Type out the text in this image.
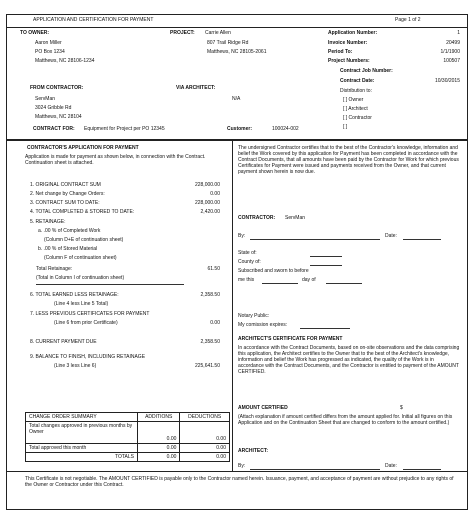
APPLICATION AND CERTIFICATION FOR PAYMENT	Page 1 of 2
TO OWNER:
Aaron Miller
PO Box 1234
Matthews, NC 28106-1234
PROJECT: Carrie Allen
807 Trail Ridge Rd
Matthews, NC 28105-2061
Application Number:	1
Invoice Number:	20499
Period To:	1/1/1900
Project Numbers:	100507
Contract Job Number:
Contract Date:	10/30/2015
Distribution to:
[ ] Owner
[ ] Architect
[ ] Contractor
[ ]
FROM CONTRACTOR:
ServMan
3024 Gribble Rd
Matthews, NC 28104
VIA ARCHITECT:
N/A
CONTRACT FOR: Equipment for Project per PO 12345	Customer:	100024-002
CONTRACTOR'S APPLICATION FOR PAYMENT
Application is made for payment as shown below, in connection with the Contract. Continuation sheet is attached.
1. ORIGINAL CONTRACT SUM	228,000.00
2. Net change by Change Orders:	0.00
3. CONTRACT SUM TO DATE:	228,000.00
4. TOTAL COMPLETED & STORED TO DATE:	2,420.00
5. RETAINAGE:
a. .00 % of Completed Work
(Column D+E of continuation sheet)
b. .00 % of Stored Material
(Column F of continuation sheet)
Total Retainage:	61.50
(Total in Column I of continuation sheet)
6. TOTAL EARNED LESS RETAINAGE:	2,358.50
(Line 4 less Line 5 Total)
7. LESS PREVIOUS CERTIFICATES FOR PAYMENT
(Line 6 from prior Certificate)	0.00
8. CURRENT PAYMENT DUE	2,358.50
9. BALANCE TO FINISH, INCLUDING RETAINAGE
(Line 3 less Line 6)	225,641.50
CHANGE ORDER SUMMARY	ADDITIONS	DEDUCTIONS
Total changes approved in previous months by Owner	0.00	0.00
Total approved this month	0.00	0.00
TOTALS	0.00	0.00
The undersigned Contractor certifies that to the best of the Contractor's knowledge, information and belief the Work covered by this application for Payment has been completed in accordance with the Contract Documents, that all amounts have been paid by the Contractor for Work for which previous Certificates for Payment were issued and payments received from the Owner, and that current payment shown herein is now due.
CONTRACTOR: ServMan
By:	Date:
State of:
County of:
Subscribed and sworn to before
me this	day of
Notary Public:
My comission expires:
ARCHITECT'S CERTIFICATE FOR PAYMENT
In accordance with the Contract Documents, based on on-site observations and the data comprising this application, the Architect certifies to the Owner that to the best of the Architect's knowledge, information and belief the Work has progressed as indicated, the quality of the Work is in accordance with the Contract Documents, and the Contractor is entitled to payment of the AMOUNT CERTIFIED.
AMOUNT CERTIFIED	$
(Attach explanation if amount certified differs from the amount applied for. Initial all figures on this Application and on the Continuation Sheet that are changed to conform to the amount certified.)
ARCHITECT:
By:	Date:
This Certificate is not negotiable. The AMOUNT CERTIFIED is payable only to the Contractor named herein. Issuance, payment, and acceptance of payment are without prejudice to any rights of the Owner or Contractor under this Contract.
